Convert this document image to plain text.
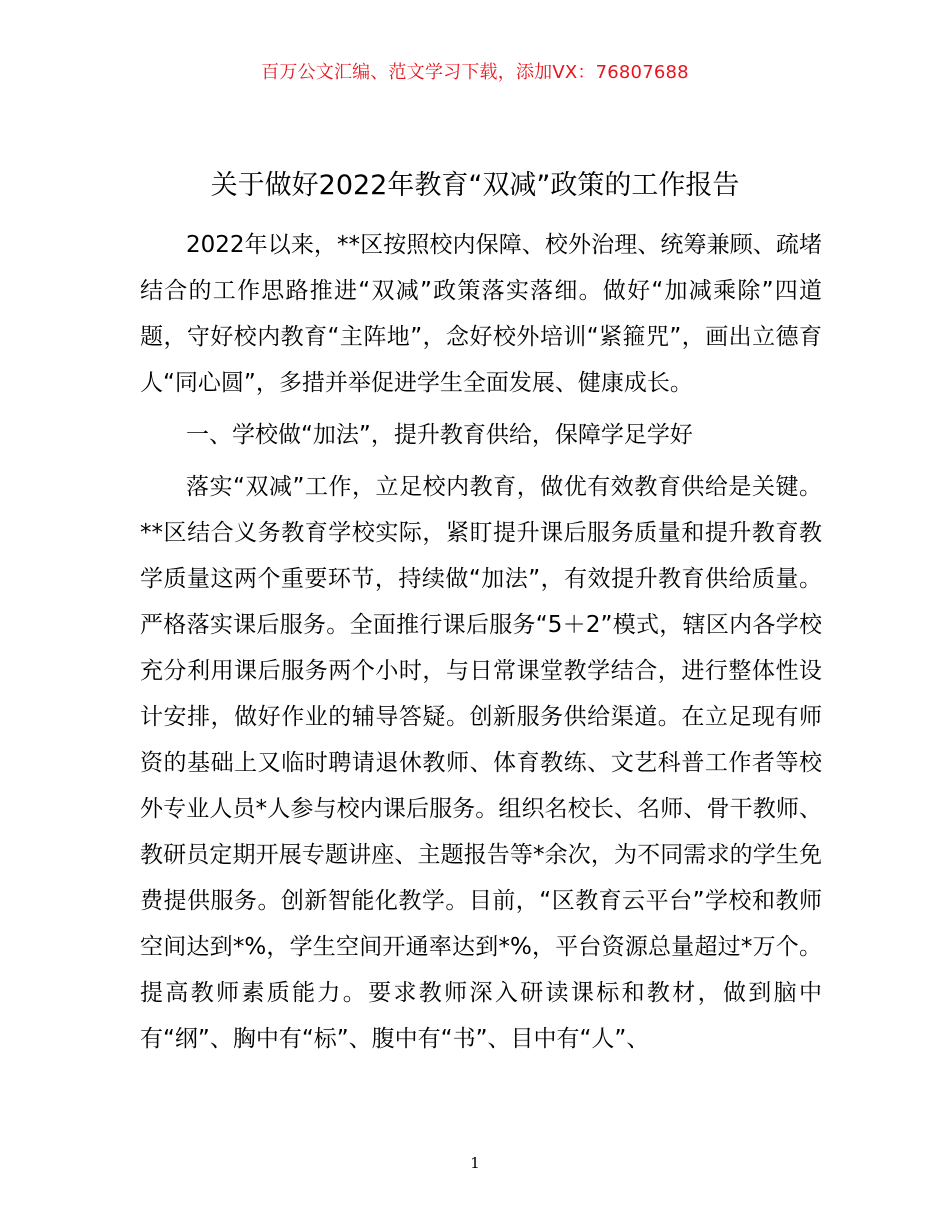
百万公文汇编、范文学习下载，添加VX：76807688
关于做好2022年教育“双减”政策的工作报告

2022年以来，**区按照校内保障、校外治理、统筹兼顾、疏堵结合的工作思路推进“双减”政策落实落细。做好“加减乘除”四道题，守好校内教育“主阵地”，念好校外培训“紧箍咒”，画出立德育人“同心圆”，多措并举促进学生全面发展、健康成长。

一、学校做“加法”，提升教育供给，保障学足学好

落实“双减”工作，立足校内教育，做优有效教育供给是关键。**区结合义务教育学校实际，紧盯提升课后服务质量和提升教育教学质量这两个重要环节，持续做“加法”，有效提升教育供给质量。严格落实课后服务。全面推行课后服务“5＋2”模式，辖区内各学校充分利用课后服务两个小时，与日常课堂教学结合，进行整体性设计安排，做好作业的辅导答疑。创新服务供给渠道。在立足现有师资的基础上又临时聘请退休教师、体育教练、文艺科普工作者等校外专业人员*人参与校内课后服务。组织名校长、名师、骨干教师、教研员定期开展专题讲座、主题报告等*余次，为不同需求的学生免费提供服务。创新智能化教学。目前，“区教育云平台”学校和教师空间达到*%，学生空间开通率达到*%，平台资源总量超过*万个。提高教师素质能力。要求教师深入研读课标和教材，做到脑中有“纲”、胸中有“标”、腹中有“书”、目中有“人”、

1
